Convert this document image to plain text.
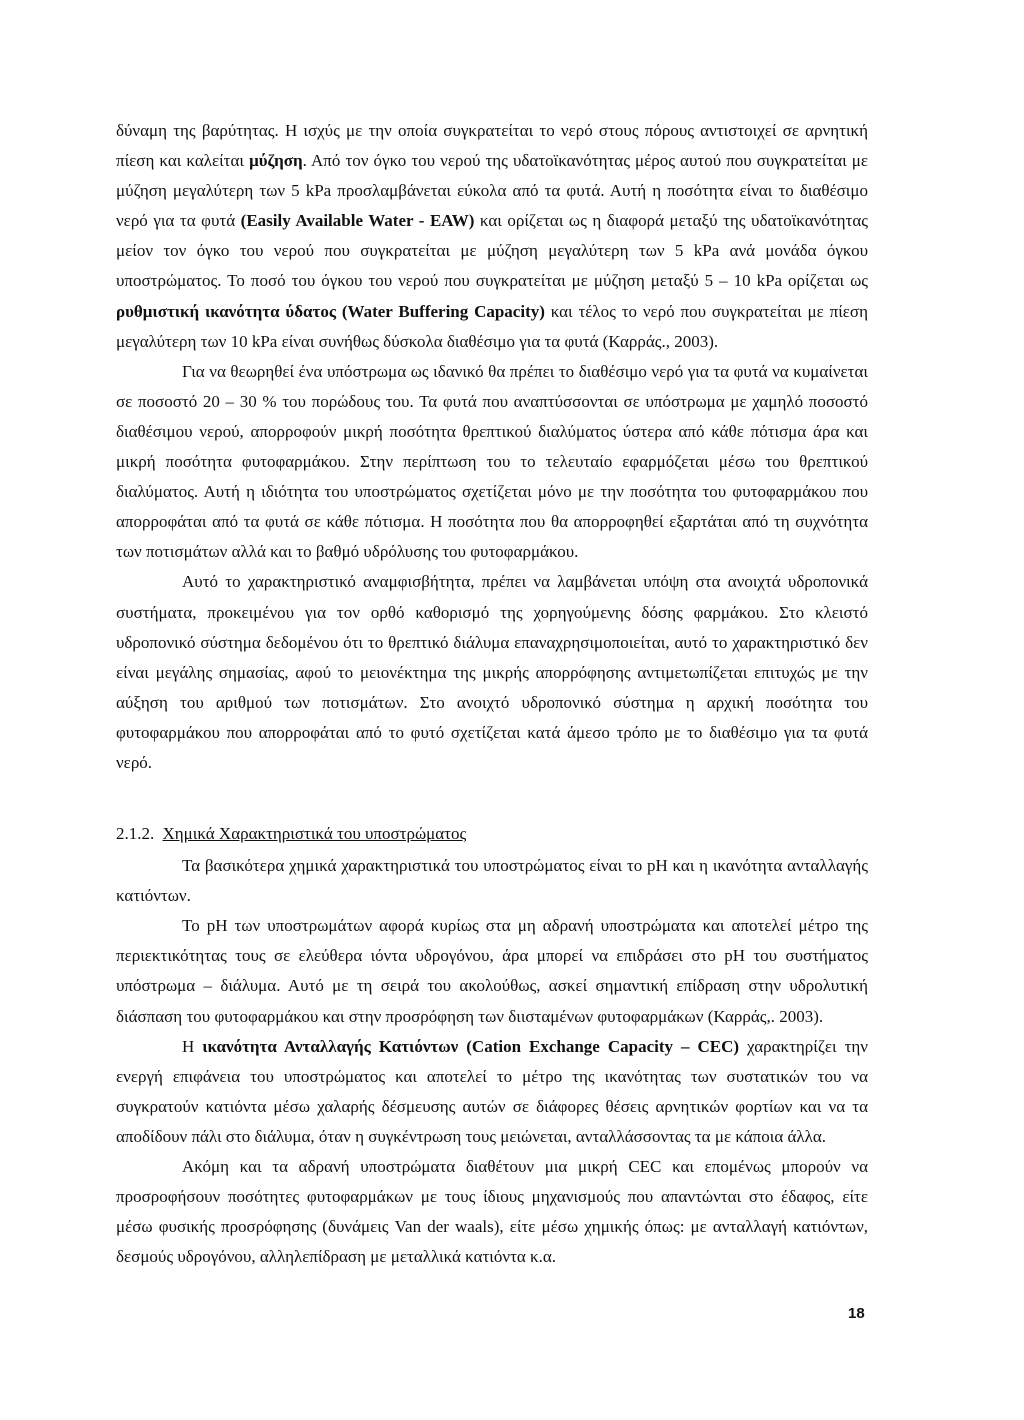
δύναμη της βαρύτητας. Η ισχύς με την οποία συγκρατείται το νερό στους πόρους αντιστοιχεί σε αρνητική πίεση και καλείται μύζηση. Από τον όγκο του νερού της υδατοϊκανότητας μέρος αυτού που συγκρατείται με μύζηση μεγαλύτερη των 5 kPa προσλαμβάνεται εύκολα από τα φυτά. Αυτή η ποσότητα είναι το διαθέσιμο νερό για τα φυτά (Easily Available Water - EAW) και ορίζεται ως η διαφορά μεταξύ της υδατοϊκανότητας μείον τον όγκο του νερού που συγκρατείται με μύζηση μεγαλύτερη των 5 kPa ανά μονάδα όγκου υποστρώματος. Το ποσό του όγκου του νερού που συγκρατείται με μύζηση μεταξύ 5 – 10 kPa ορίζεται ως ρυθμιστική ικανότητα ύδατος (Water Buffering Capacity) και τέλος το νερό που συγκρατείται με πίεση μεγαλύτερη των 10 kPa είναι συνήθως δύσκολα διαθέσιμο για τα φυτά (Καρράς., 2003).

Για να θεωρηθεί ένα υπόστρωμα ως ιδανικό θα πρέπει το διαθέσιμο νερό για τα φυτά να κυμαίνεται σε ποσοστό 20 – 30 % του πορώδους του. Τα φυτά που αναπτύσσονται σε υπόστρωμα με χαμηλό ποσοστό διαθέσιμου νερού, απορροφούν μικρή ποσότητα θρεπτικού διαλύματος ύστερα από κάθε πότισμα άρα και μικρή ποσότητα φυτοφαρμάκου. Στην περίπτωση του το τελευταίο εφαρμόζεται μέσω του θρεπτικού διαλύματος. Αυτή η ιδιότητα του υποστρώματος σχετίζεται μόνο με την ποσότητα του φυτοφαρμάκου που απορροφάται από τα φυτά σε κάθε πότισμα. Η ποσότητα που θα απορροφηθεί εξαρτάται από τη συχνότητα των ποτισμάτων αλλά και το βαθμό υδρόλυσης του φυτοφαρμάκου.

Αυτό το χαρακτηριστικό αναμφισβήτητα, πρέπει να λαμβάνεται υπόψη στα ανοιχτά υδροπονικά συστήματα, προκειμένου για τον ορθό καθορισμό της χορηγούμενης δόσης φαρμάκου. Στο κλειστό υδροπονικό σύστημα δεδομένου ότι το θρεπτικό διάλυμα επαναχρησιμοποιείται, αυτό το χαρακτηριστικό δεν είναι μεγάλης σημασίας, αφού το μειονέκτημα της μικρής απορρόφησης αντιμετωπίζεται επιτυχώς με την αύξηση του αριθμού των ποτισμάτων. Στο ανοιχτό υδροπονικό σύστημα η αρχική ποσότητα του φυτοφαρμάκου που απορροφάται από το φυτό σχετίζεται κατά άμεσο τρόπο με το διαθέσιμο για τα φυτά νερό.

2.1.2. Χημικά Χαρακτηριστικά του υποστρώματος

Τα βασικότερα χημικά χαρακτηριστικά του υποστρώματος είναι το pH και η ικανότητα ανταλλαγής κατιόντων.

Το pH των υποστρωμάτων αφορά κυρίως στα μη αδρανή υποστρώματα και αποτελεί μέτρο της περιεκτικότητας τους σε ελεύθερα ιόντα υδρογόνου, άρα μπορεί να επιδράσει στο pH του συστήματος υπόστρωμα – διάλυμα. Αυτό με τη σειρά του ακολούθως, ασκεί σημαντική επίδραση στην υδρολυτική διάσπαση του φυτοφαρμάκου και στην προσρόφηση των διισταμένων φυτοφαρμάκων (Καρράς,. 2003).

Η ικανότητα Ανταλλαγής Κατιόντων (Cation Exchange Capacity – CEC) χαρακτηρίζει την ενεργή επιφάνεια του υποστρώματος και αποτελεί το μέτρο της ικανότητας των συστατικών του να συγκρατούν κατιόντα μέσω χαλαρής δέσμευσης αυτών σε διάφορες θέσεις αρνητικών φορτίων και να τα αποδίδουν πάλι στο διάλυμα, όταν η συγκέντρωση τους μειώνεται, ανταλλάσσοντας τα με κάποια άλλα.

Ακόμη και τα αδρανή υποστρώματα διαθέτουν μια μικρή CEC και επομένως μπορούν να προσροφήσουν ποσότητες φυτοφαρμάκων με τους ίδιους μηχανισμούς που απαντώνται στο έδαφος, είτε μέσω φυσικής προσρόφησης (δυνάμεις Van der waals), είτε μέσω χημικής όπως: με ανταλλαγή κατιόντων, δεσμούς υδρογόνου, αλληλεπίδραση με μεταλλικά κατιόντα κ.α.

18
